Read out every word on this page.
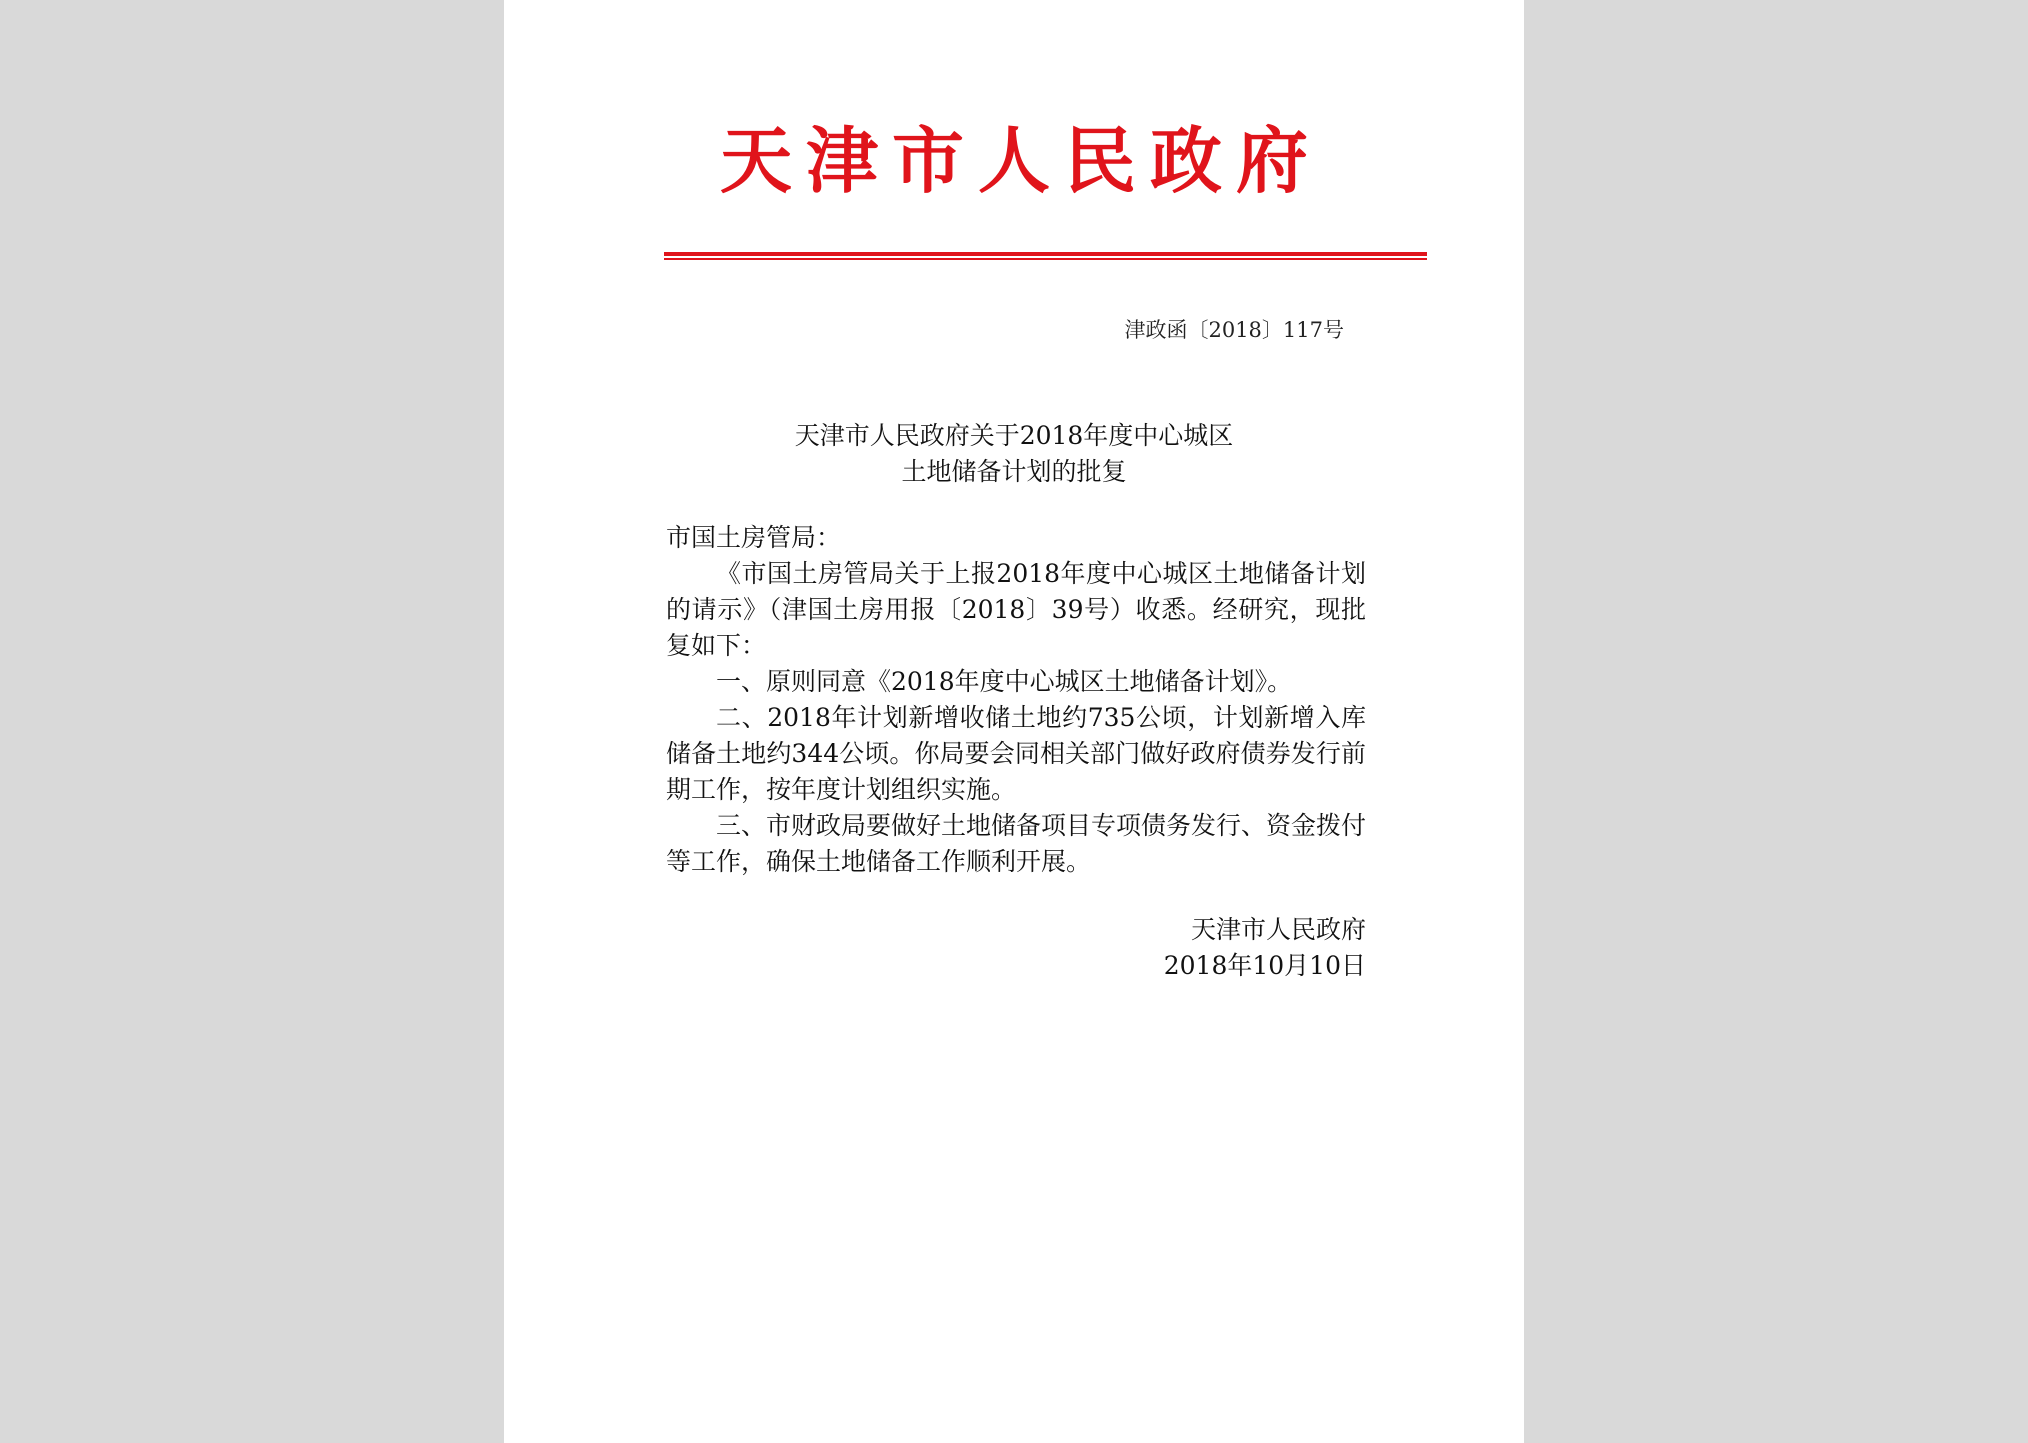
天津市人民政府
津政函〔2018〕117号
天津市人民政府关于2018年度中心城区
土地储备计划的批复

市国土房管局：

《市国土房管局关于上报2018年度中心城区土地储备计划的请示》（津国土房用报〔2018〕39号）收悉。经研究，现批复如下：

一、原则同意《2018年度中心城区土地储备计划》。

二、2018年计划新增收储土地约735公顷，计划新增入库储备土地约344公顷。你局要会同相关部门做好政府债券发行前期工作，按年度计划组织实施。

三、市财政局要做好土地储备项目专项债务发行、资金拨付等工作，确保土地储备工作顺利开展。

天津市人民政府
2018年10月10日
